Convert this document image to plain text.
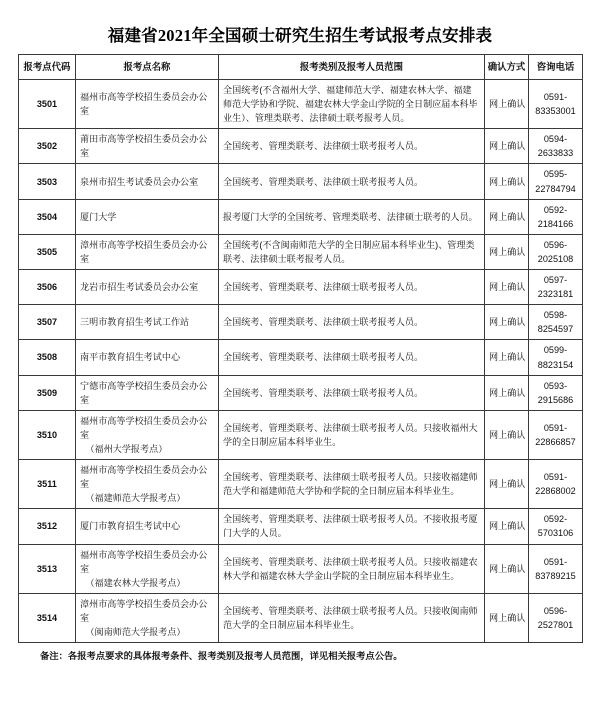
福建省2021年全国硕士研究生招生考试报考点安排表
报考点代码	报考点名称	报考类别及报考人员范围	确认方式	咨询电话
3501	福州市高等学校招生委员会办公室	全国统考(不含福州大学、福建师范大学、福建农林大学、福建师范大学协和学院、福建农林大学金山学院的全日制应届本科毕业生）、管理类联考、法律硕士联考报考人员。	网上确认	0591-
83353001

3502	莆田市高等学校招生委员会办公室	全国统考、管理类联考、法律硕士联考报考人员。	网上确认	0594-
2633833

3503	泉州市招生考试委员会办公室	全国统考、管理类联考、法律硕士联考报考人员。	网上确认	0595-
22784794

3504	厦门大学	报考厦门大学的全国统考、管理类联考、法律硕士联考的人员。	网上确认	0592-
2184166

3505	漳州市高等学校招生委员会办公室	全国统考(不含闽南师范大学的全日制应届本科毕业生)、管理类联考、法律硕士联考报考人员。	网上确认	0596-
2025108

3506	龙岩市招生考试委员会办公室	全国统考、管理类联考、法律硕士联考报考人员。	网上确认	0597-
2323181

3507	三明市教育招生考试工作站	全国统考、管理类联考、法律硕士联考报考人员。	网上确认	0598-
8254597

3508	南平市教育招生考试中心	全国统考、管理类联考、法律硕士联考报考人员。	网上确认	0599-
8823154

3509	宁德市高等学校招生委员会办公室	全国统考、管理类联考、法律硕士联考报考人员。	网上确认	0593-
2915686

3510	福州市高等学校招生委员会办公室
（福州大学报考点）	全国统考、管理类联考、法律硕士联考报考人员。只接收福州大学的全日制应届本科毕业生。	网上确认	0591-
22866857

3511	福州市高等学校招生委员会办公室
（福建师范大学报考点）	全国统考、管理类联考、法律硕士联考报考人员。只接收福建师范大学和福建师范大学协和学院的全日制应届本科毕业生。	网上确认	0591-
22868002

3512	厦门市教育招生考试中心	全国统考、管理类联考、法律硕士联考报考人员。不接收报考厦门大学的人员。	网上确认	0592-
5703106

3513	福州市高等学校招生委员会办公室
（福建农林大学报考点）	全国统考、管理类联考、法律硕士联考报考人员。只接收福建农林大学和福建农林大学金山学院的全日制应届本科毕业生。	网上确认	0591-
83789215

3514	漳州市高等学校招生委员会办公室
（闽南师范大学报考点）	全国统考、管理类联考、法律硕士联考报考人员。只接收闽南师范大学的全日制应届本科毕业生。	网上确认	0596-
2527801
备注：各报考点要求的具体报考条件、报考类别及报考人员范围，详见相关报考点公告。
